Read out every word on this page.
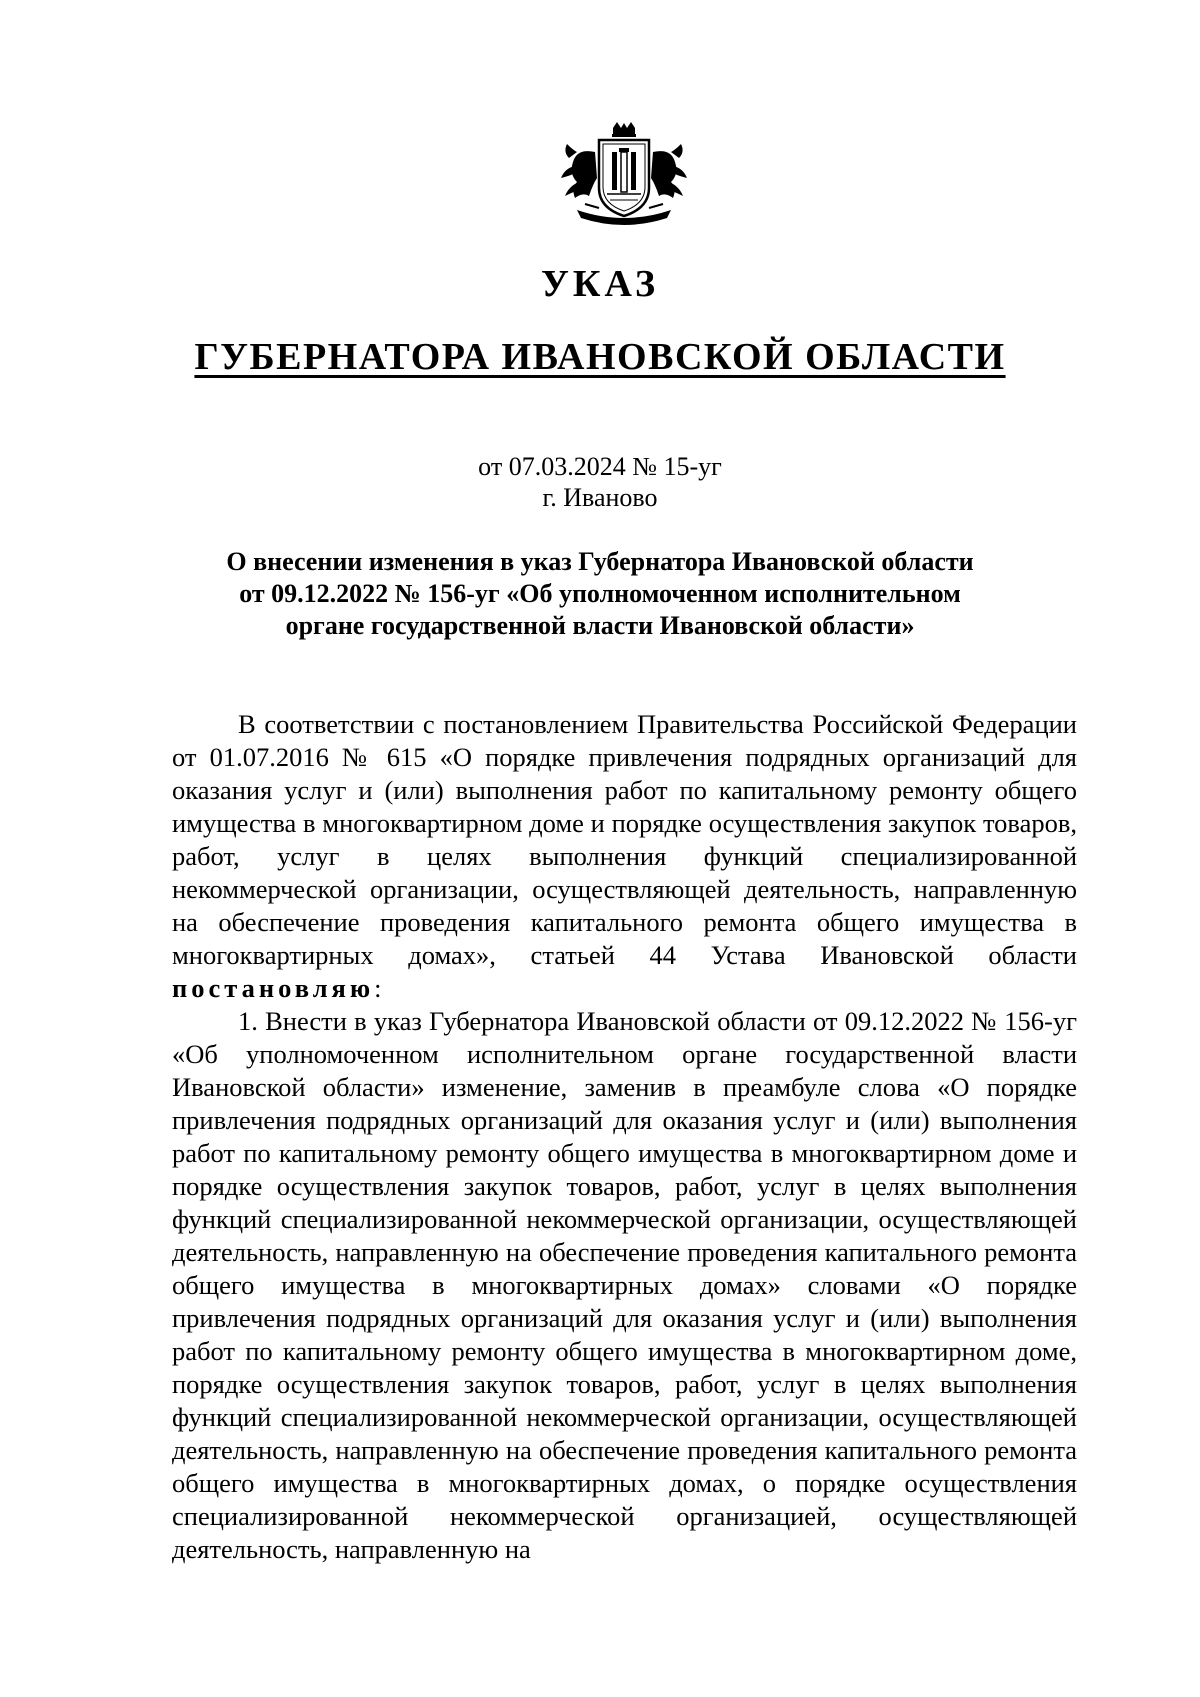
УКАЗ
ГУБЕРНАТОРА ИВАНОВСКОЙ ОБЛАСТИ
от 07.03.2024 № 15-уг
г. Иваново
О внесении изменения в указ Губернатора Ивановской области
от 09.12.2022 № 156-уг «Об уполномоченном исполнительном
органе государственной власти Ивановской области»

В соответствии с постановлением Правительства Российской Федерации от 01.07.2016 № 615 «О порядке привлечения подрядных организаций для оказания услуг и (или) выполнения работ по капитальному ремонту общего имущества в многоквартирном доме и порядке осуществления закупок товаров, работ, услуг в целях выполнения функций специализированной некоммерческой организации, осуществляющей деятельность, направленную на обеспечение проведения капитального ремонта общего имущества в многоквартирных домах», статьей 44 Устава Ивановской области постановляю:

1. Внести в указ Губернатора Ивановской области от 09.12.2022 № 156-уг «Об уполномоченном исполнительном органе государственной власти Ивановской области» изменение, заменив в преамбуле слова «О порядке привлечения подрядных организаций для оказания услуг и (или) выполнения работ по капитальному ремонту общего имущества в многоквартирном доме и порядке осуществления закупок товаров, работ, услуг в целях выполнения функций специализированной некоммерческой организации, осуществляющей деятельность, направленную на обеспечение проведения капитального ремонта общего имущества в многоквартирных домах» словами «О порядке привлечения подрядных организаций для оказания услуг и (или) выполнения работ по капитальному ремонту общего имущества в многоквартирном доме, порядке осуществления закупок товаров, работ, услуг в целях выполнения функций специализированной некоммерческой организации, осуществляющей деятельность, направленную на обеспечение проведения капитального ремонта общего имущества в многоквартирных домах, о порядке осуществления специализированной некоммерческой организацией, осуществляющей деятельность, направленную на
